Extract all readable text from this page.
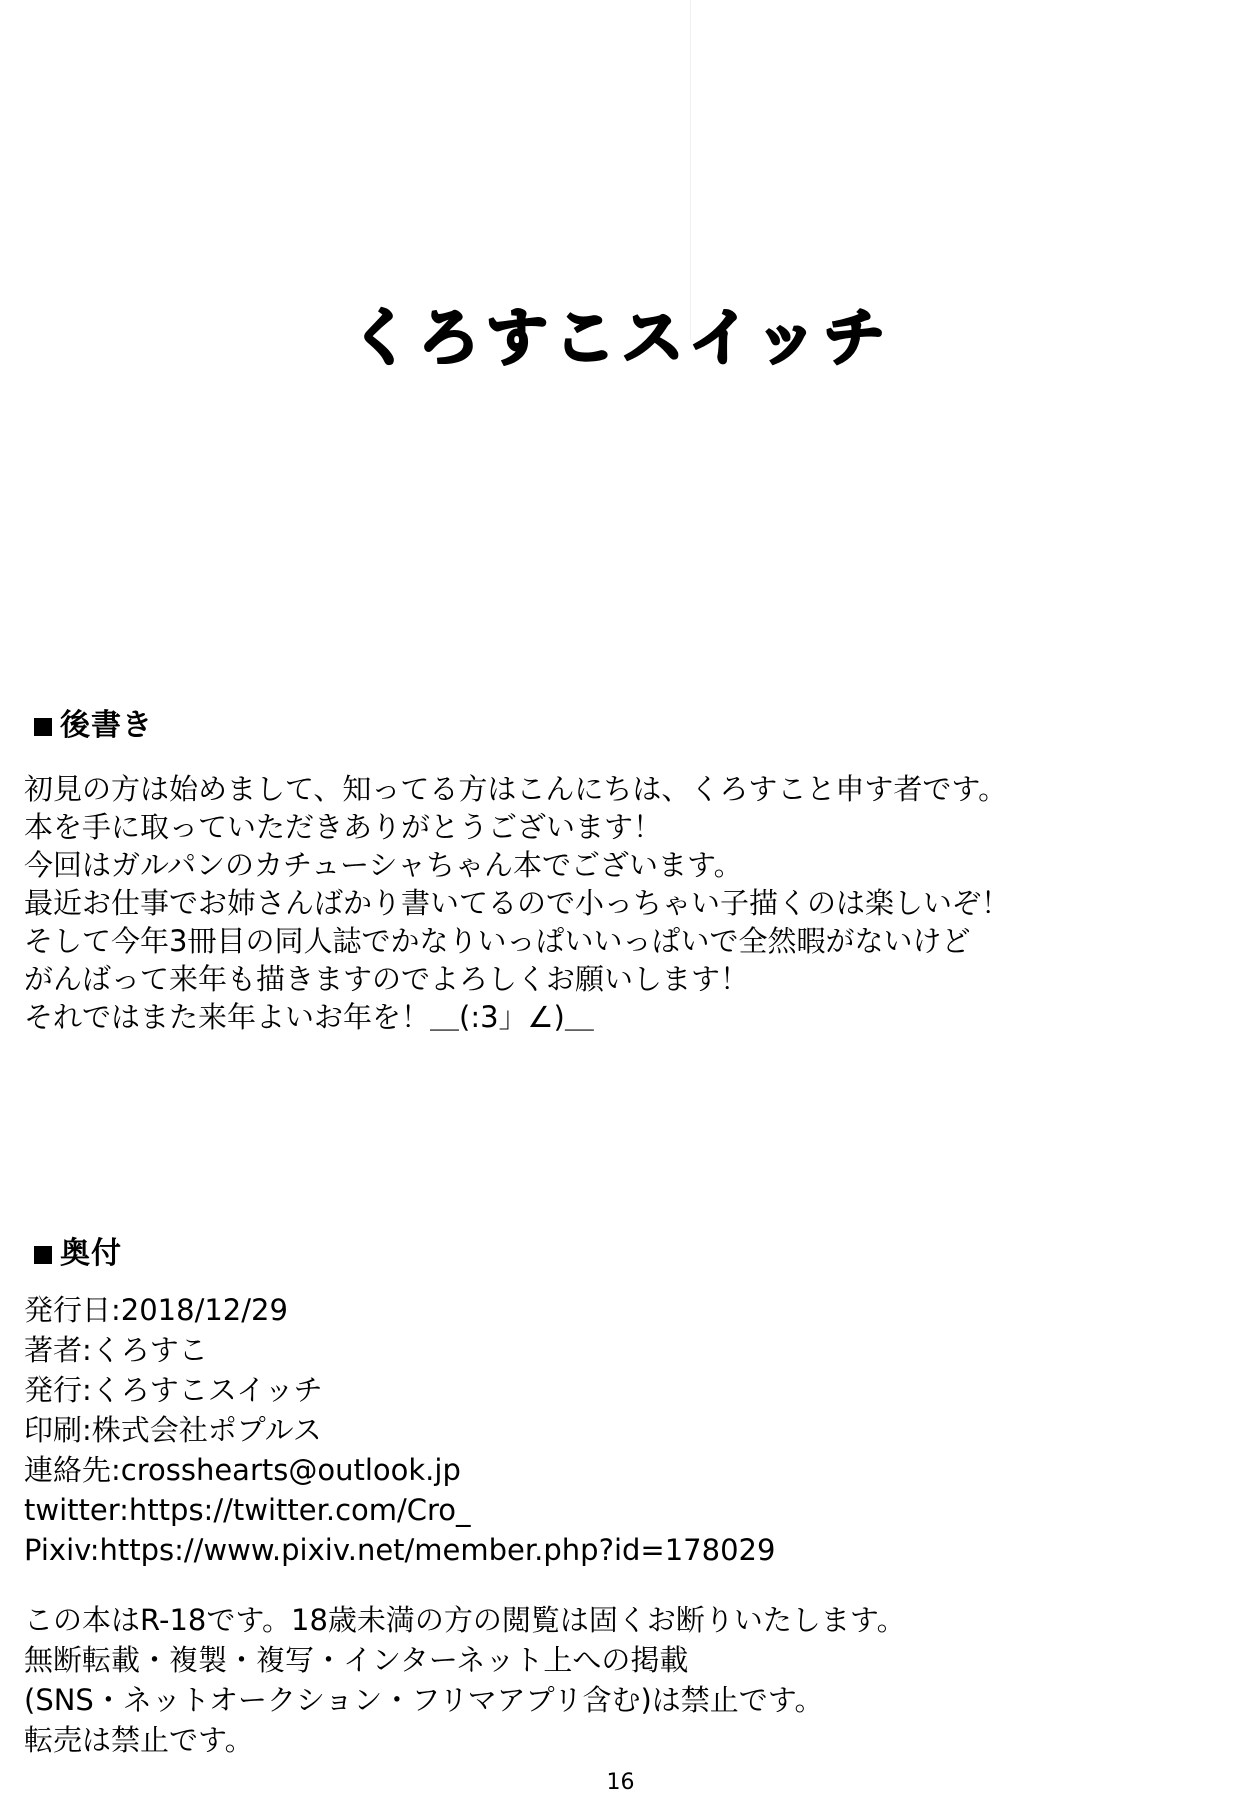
くろすこスイッチ
後書き
初見の方は始めまして、知ってる方はこんにちは、くろすこと申す者です。
本を手に取っていただきありがとうございます！
今回はガルパンのカチューシャちゃん本でございます。
最近お仕事でお姉さんばかり書いてるので小っちゃい子描くのは楽しいぞ！
そして今年3冊目の同人誌でかなりいっぱいいっぱいで全然暇がないけど
がんばって来年も描きますのでよろしくお願いします！
それではまた来年よいお年を！＿(:3」∠)＿
奥付
発行日:2018/12/29
著者:くろすこ
発行:くろすこスイッチ
印刷:株式会社ポプルス
連絡先:crosshearts@outlook.jp
twitter:https://twitter.com/Cro_
Pixiv:https://www.pixiv.net/member.php?id=178029
この本はR-18です。18歳未満の方の閲覧は固くお断りいたします。
無断転載・複製・複写・インターネット上への掲載
(SNS・ネットオークション・フリマアプリ含む)は禁止です。
転売は禁止です。
16
